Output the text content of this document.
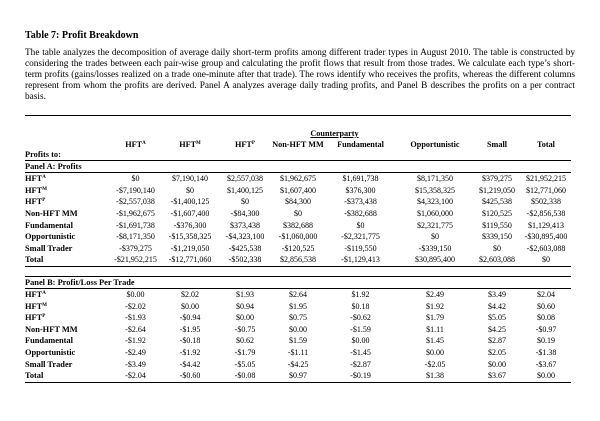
Table 7: Profit Breakdown
The table analyzes the decomposition of average daily short-term profits among different trader types in August 2010. The table is constructed by considering the trades between each pair-wise group and calculating the profit flows that result from those trades. We calculate each type’s short-term profits (gains/losses realized on a trade one-minute after that trade). The rows identify who receives the profits, whereas the different columns represent from whom the profits are derived. Panel A analyzes average daily trading profits, and Panel B describes the profits on a per contract basis.

				Counterparty				
	$HFT^A$	$HFT^M$	$HFT^P$	Non-HFT MM	Fundamental	Opportunistic	Small	Total
Profits to:								
Panel A: Profits								
$HFT^A$	$0	$7,190,140	$2,557,038	$1,962,675	$1,691,738	$8,171,350	$379,275	$21,952,215
$HFT^M$	-$7,190,140	$0	$1,400,125	$1,607,400	$376,300	$15,358,325	$1,219,050	$12,771,060
$HFT^P$	-$2,557,038	-$1,400,125	$0	$84,300	-$373,438	$4,323,100	$425,538	$502,338
Non-HFT MM	-$1,962,675	-$1,607,400	-$84,300	$0	-$382,688	$1,060,000	$120,525	-$2,856,538
Fundamental	-$1,691,738	-$376,300	$373,438	$382,688	$0	$2,321,775	$119,550	$1,129,413
Opportunistic	-$8,171,350	-$15,358,325	-$4,323,100	-$1,060,000	-$2,321,775	$0	$339,150	-$30,895,400
Small Trader	-$379,275	-$1,219,050	-$425,538	-$120,525	-$119,550	-$339,150	$0	-$2,603,088
Total	-$21,952,215	-$12,771,060	-$502,338	$2,856,538	-$1,129,413	$30,895,400	$2,603,088	$0

Panel B: Profit/Loss Per Trade								
$HFT^A$	$0.00	$2.02	$1.93	$2.64	$1.92	$2.49	$3.49	$2.04
$HFT^M$	-$2.02	$0.00	$0.94	$1.95	$0.18	$1.92	$4.42	$0.60
$HFT^P$	-$1.93	-$0.94	$0.00	$0.75	-$0.62	$1.79	$5.05	$0.08
Non-HFT MM	-$2.64	-$1.95	-$0.75	$0.00	-$1.59	$1.11	$4.25	-$0.97
Fundamental	-$1.92	-$0.18	$0.62	$1.59	$0.00	$1.45	$2.87	$0.19
Opportunistic	-$2.49	-$1.92	-$1.79	-$1.11	-$1.45	$0.00	$2.05	-$1.38
Small Trader	-$3.49	-$4.42	-$5.05	-$4.25	-$2.87	-$2.05	$0.00	-$3.67
Total	-$2.04	-$0.60	-$0.08	$0.97	-$0.19	$1.38	$3.67	$0.00
